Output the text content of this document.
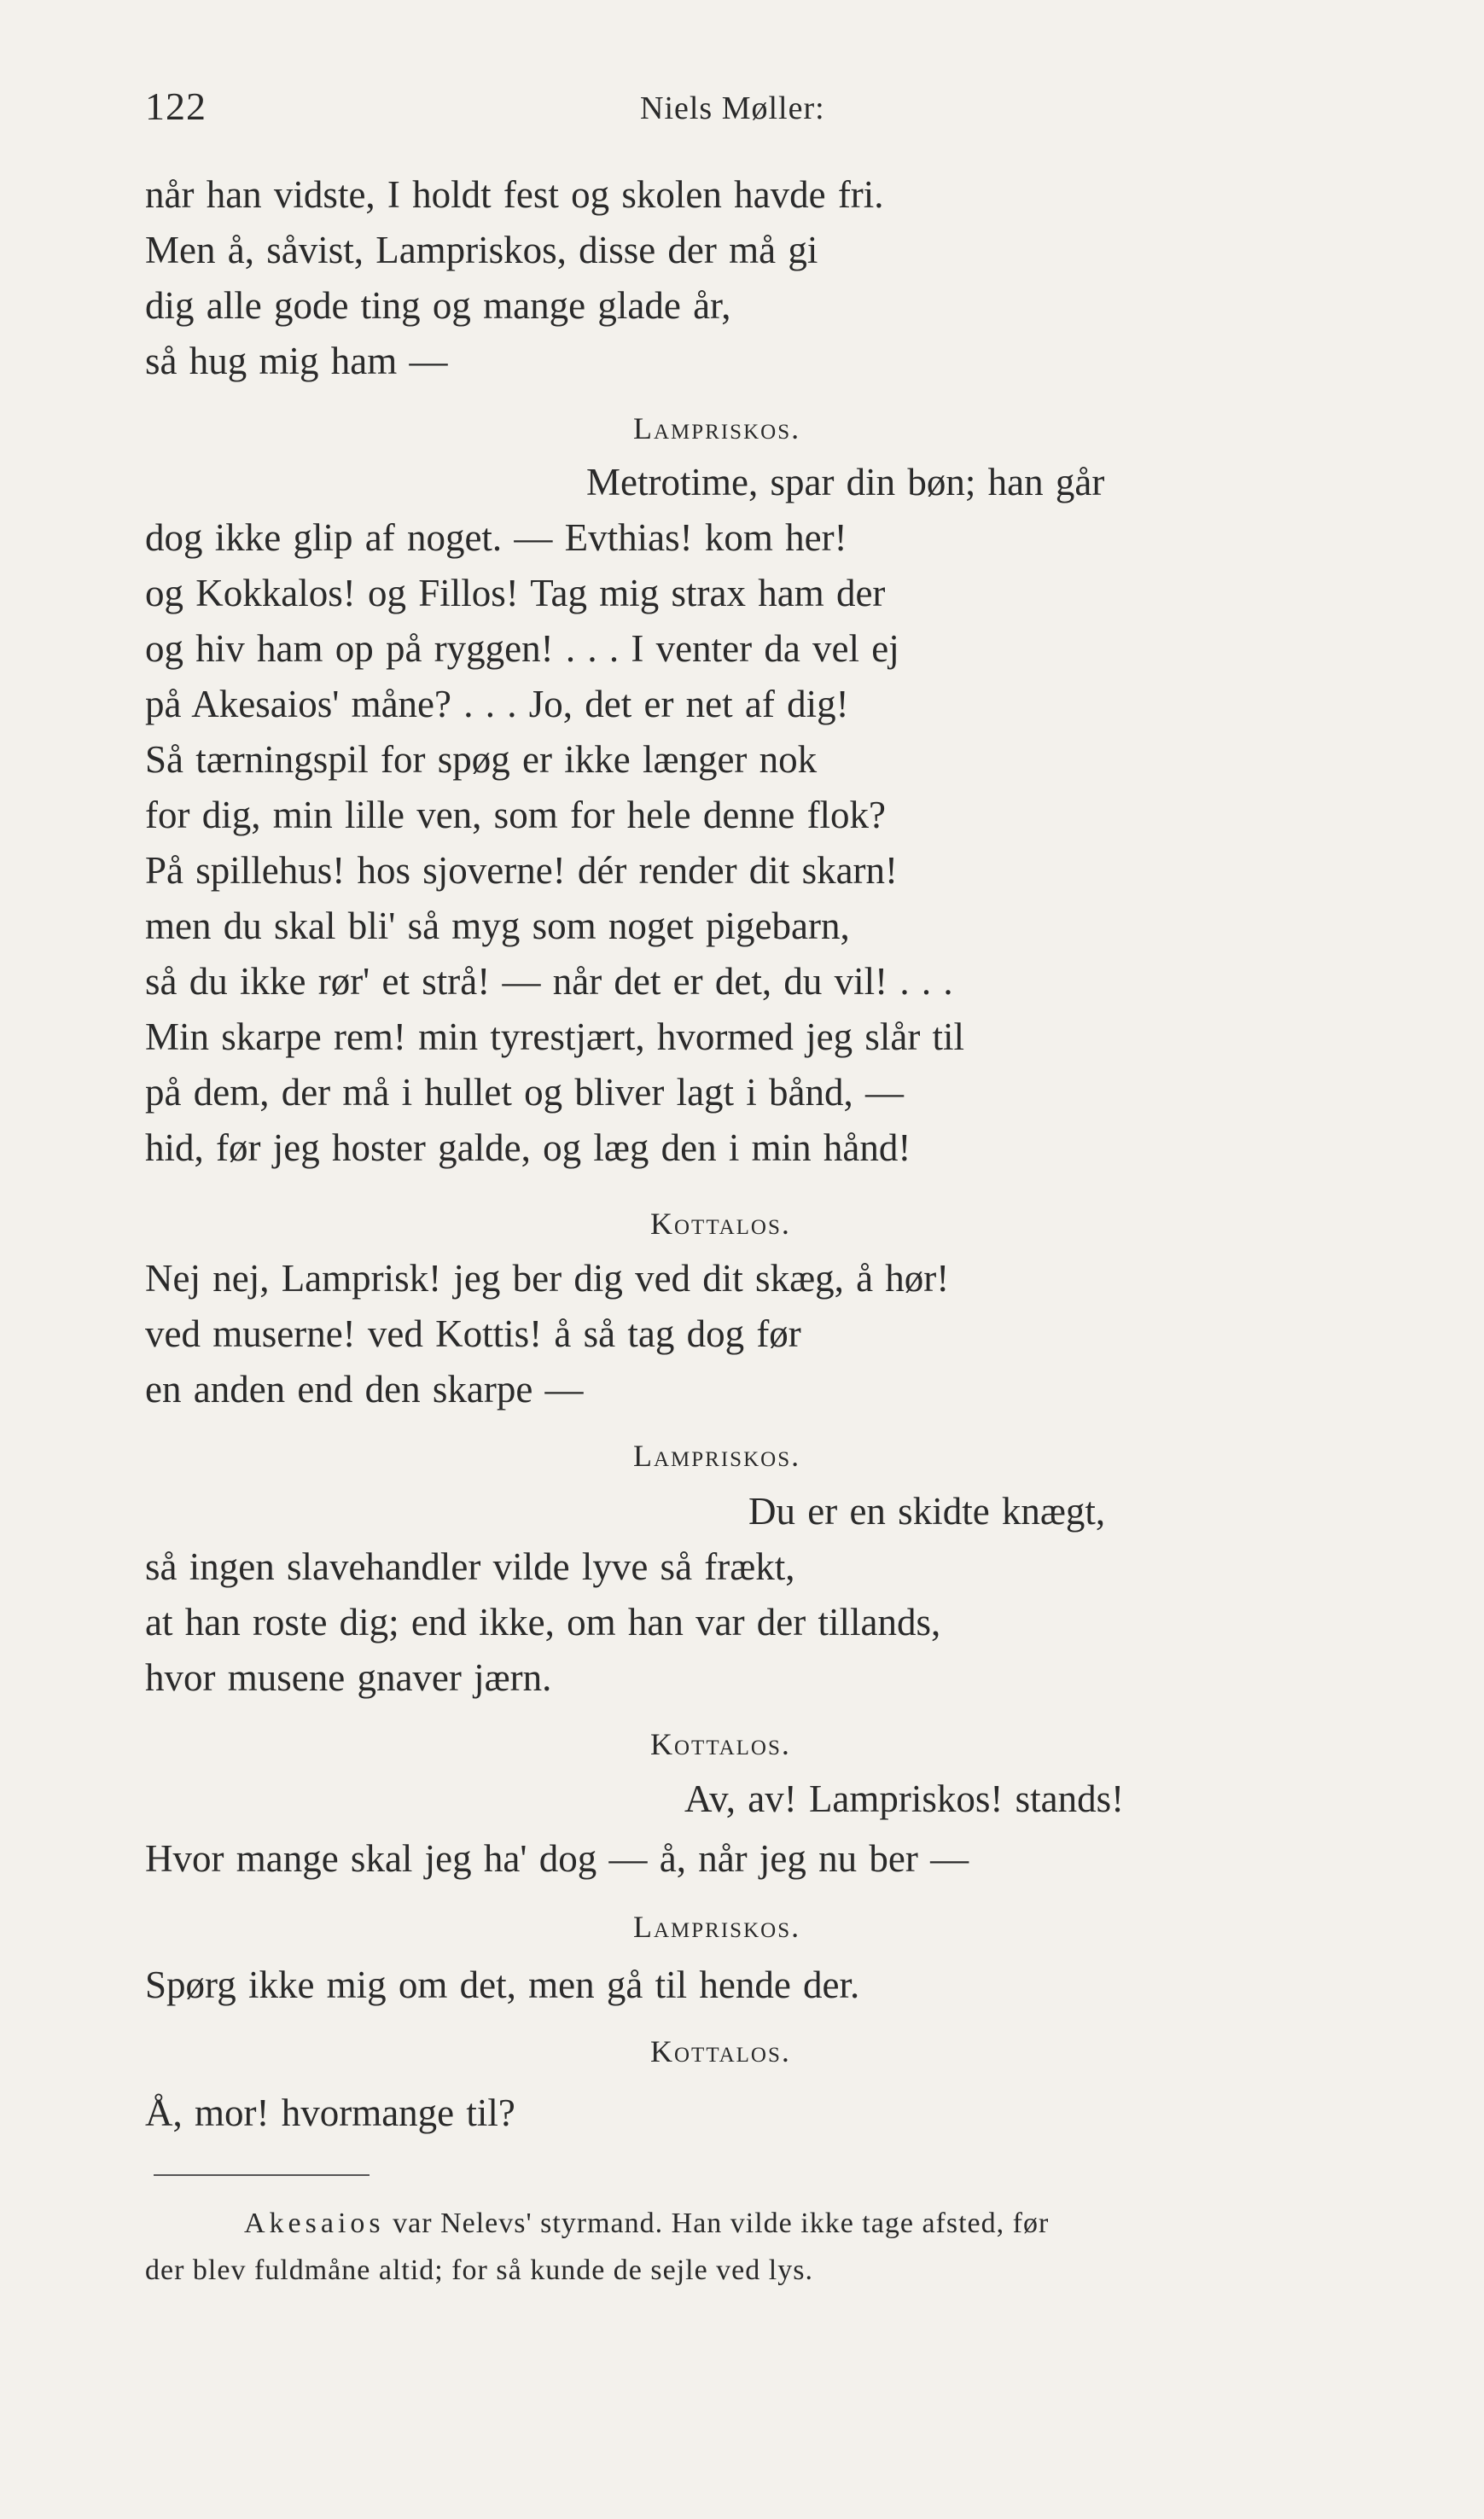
122	Niels Møller:
når han vidste, I holdt fest og skolen havde fri.
Men å, såvist, Lampriskos, disse der må gi
dig alle gode ting og mange glade år,
så hug mig ham —
Lampriskos.
Metrotime, spar din bøn; han går
dog ikke glip af noget. — Evthias! kom her!
og Kokkalos! og Fillos! Tag mig strax ham der
og hiv ham op på ryggen! . . . I venter da vel ej
på Akesaios' måne? . . . Jo, det er net af dig!
Så tærningspil for spøg er ikke længer nok
for dig, min lille ven, som for hele denne flok?
På spillehus! hos sjoverne! dér render dit skarn!
men du skal bli' så myg som noget pigebarn,
så du ikke rør' et strå! — når det er det, du vil! . . .
Min skarpe rem! min tyrestjært, hvormed jeg slår til
på dem, der må i hullet og bliver lagt i bånd, —
hid, før jeg hoster galde, og læg den i min hånd!
Kottalos.
Nej nej, Lamprisk! jeg ber dig ved dit skæg, å hør!
ved muserne! ved Kottis! å så tag dog før
en anden end den skarpe —
Lampriskos.
Du er en skidte knægt,
så ingen slavehandler vilde lyve så frækt,
at han roste dig; end ikke, om han var der tillands,
hvor musene gnaver jærn.
Kottalos.
Av, av! Lampriskos! stands!
Hvor mange skal jeg ha' dog — å, når jeg nu ber —
Lampriskos.
Spørg ikke mig om det, men gå til hende der.
Kottalos.
Å, mor! hvormange til?
Akesaios var Nelevs' styrmand. Han vilde ikke tage afsted, før
der blev fuldmåne altid; for så kunde de sejle ved lys.
